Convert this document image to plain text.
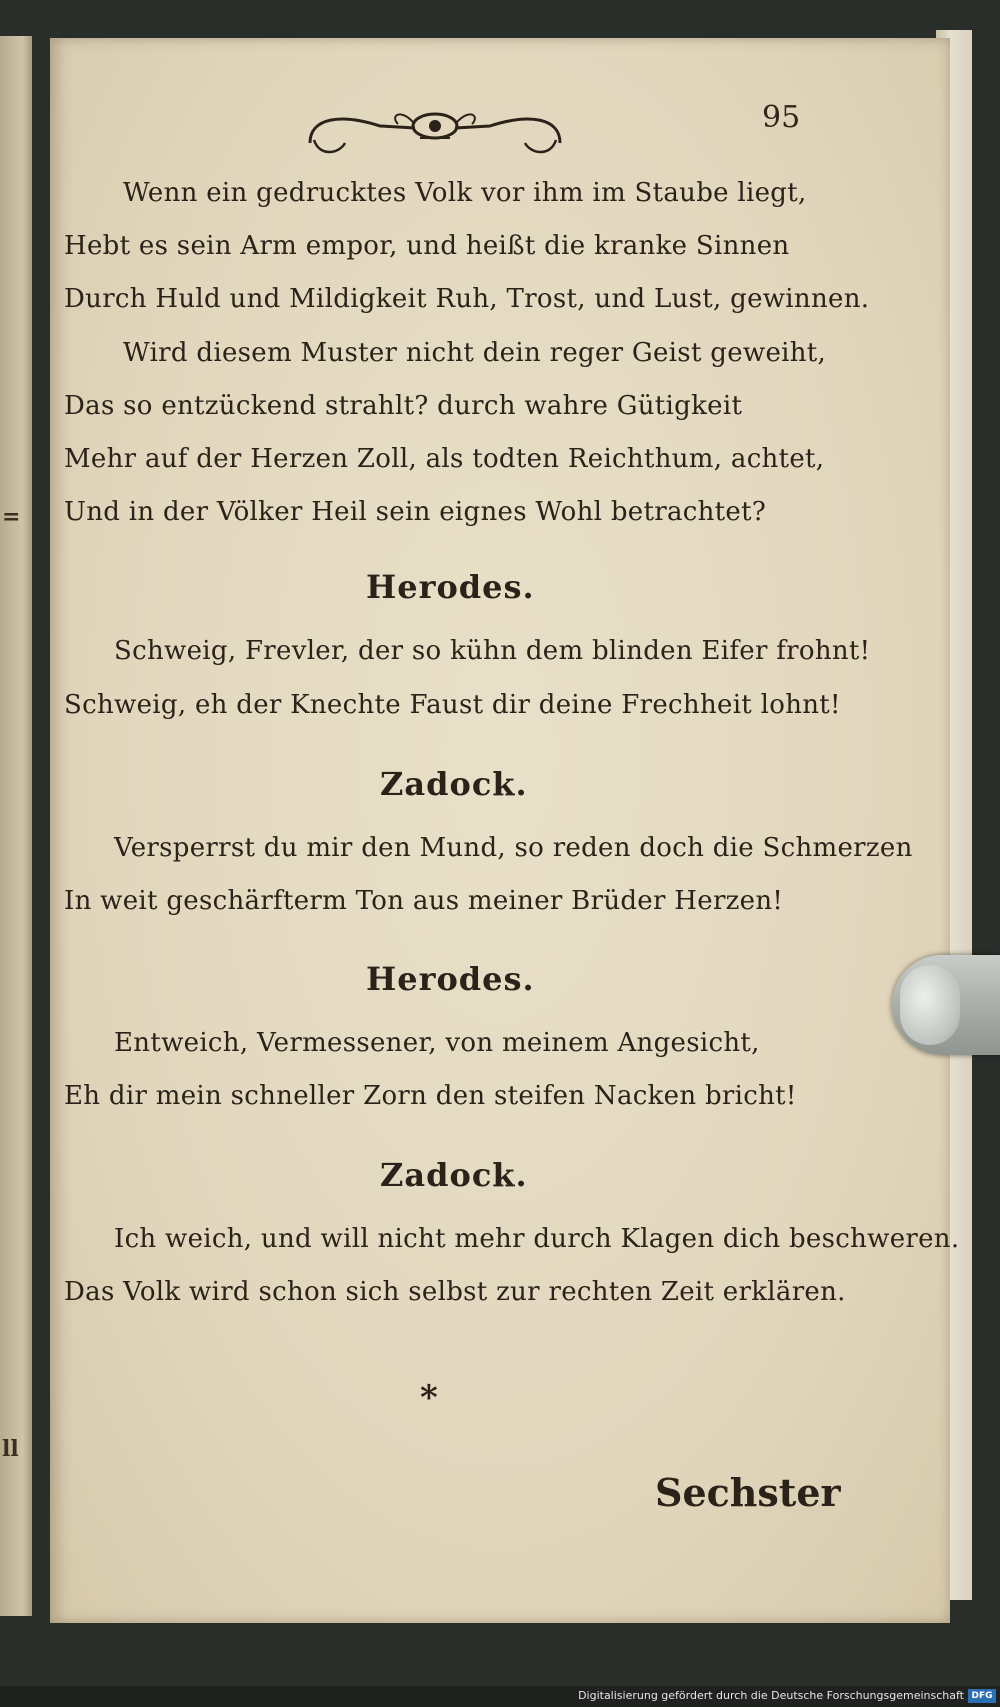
=
ll
95
Wenn ein gedrucktes Volk vor ihm im Staube liegt,
Hebt es sein Arm empor, und heißt die kranke Sinnen
Durch Huld und Mildigkeit Ruh, Trost, und Lust, gewinnen.
Wird diesem Muster nicht dein reger Geist geweiht,
Das so entzückend strahlt? durch wahre Gütigkeit
Mehr auf der Herzen Zoll, als todten Reichthum, achtet,
Und in der Völker Heil sein eignes Wohl betrachtet?
Herodes.
Schweig, Frevler, der so kühn dem blinden Eifer frohnt!
Schweig, eh der Knechte Faust dir deine Frechheit lohnt!
Zadock.
Versperrst du mir den Mund, so reden doch die Schmerzen
In weit geschärfterm Ton aus meiner Brüder Herzen!
Herodes.
Entweich, Vermessener, von meinem Angesicht,
Eh dir mein schneller Zorn den steifen Nacken bricht!
Zadock.
Ich weich, und will nicht mehr durch Klagen dich beschweren.
Das Volk wird schon sich selbst zur rechten Zeit erklären.
*
Sechster
Digitalisierung gefördert durch die Deutsche Forschungsgemeinschaft DFG
